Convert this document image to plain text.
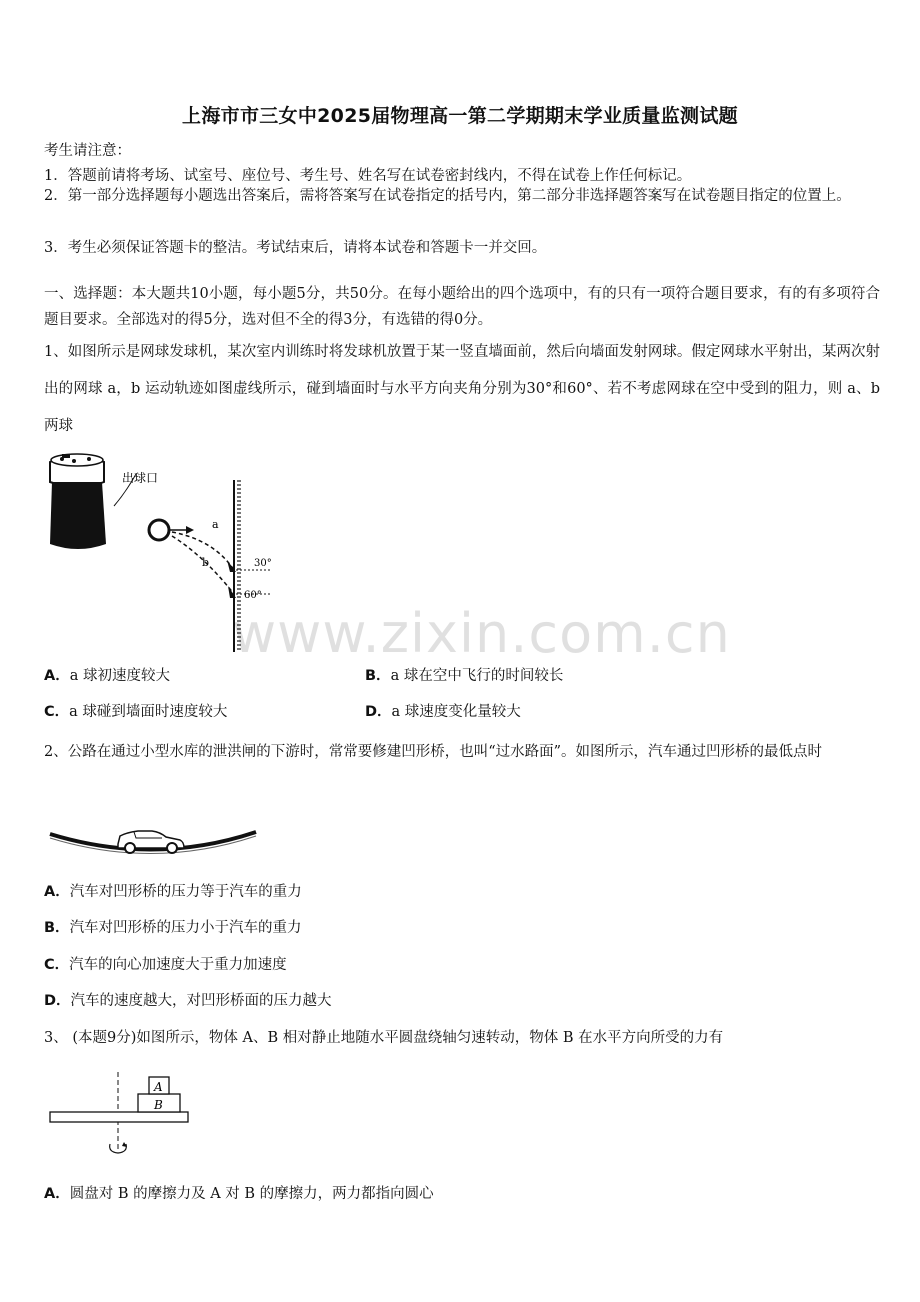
上海市市三女中2025届物理高一第二学期期末学业质量监测试题
考生请注意：
1．答题前请将考场、试室号、座位号、考生号、姓名写在试卷密封线内，不得在试卷上作任何标记。
2．第一部分选择题每小题选出答案后，需将答案写在试卷指定的括号内，第二部分非选择题答案写在试卷题目指定的位置上。
3．考生必须保证答题卡的整洁。考试结束后，请将本试卷和答题卡一并交回。
一、选择题：本大题共10小题，每小题5分，共50分。在每小题给出的四个选项中，有的只有一项符合题目要求，有的有多项符合题目要求。全部选对的得5分，选对但不全的得3分，有选错的得0分。
1、如图所示是网球发球机，某次室内训练时将发球机放置于某一竖直墙面前，然后向墙面发射网球。假定网球水平射出，某两次射出的网球 a，b 运动轨迹如图虚线所示，碰到墙面时与水平方向夹角分别为30°和60°、若不考虑网球在空中受到的阻力，则 a、b 两球
出球口
a
b	30°
60°
www.zixin.com.cn
A．a 球初速度较大	B．a 球在空中飞行的时间较长
C．a 球碰到墙面时速度较大	D．a 球速度变化量较大
2、公路在通过小型水库的泄洪闸的下游时，常常要修建凹形桥，也叫“过水路面”。如图所示，汽车通过凹形桥的最低点时
A．汽车对凹形桥的压力等于汽车的重力
B．汽车对凹形桥的压力小于汽车的重力
C．汽车的向心加速度大于重力加速度
D．汽车的速度越大，对凹形桥面的压力越大
3、 (本题9分)如图所示，物体 A、B 相对静止地随水平圆盘绕轴匀速转动，物体 B 在水平方向所受的力有
A
B
A．圆盘对 B 的摩擦力及 A 对 B 的摩擦力，两力都指向圆心
